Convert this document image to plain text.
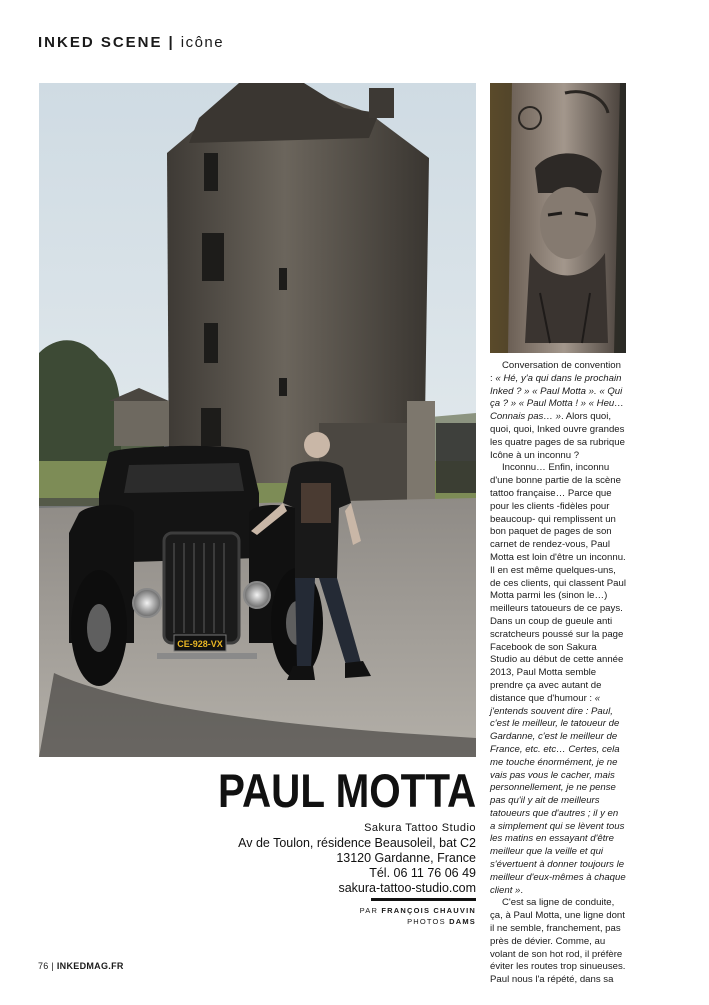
INKED SCENE | icône
CE-928-VX
PAUL MOTTA
Sakura Tattoo Studio
Av de Toulon, résidence Beausoleil, bat C2
13120 Gardanne, France
Tél. 06 11 76 06 49
sakura-tattoo-studio.com
PAR FRANÇOIS CHAUVIN
PHOTOS DAMS

Conversation de convention : « Hé, y'a qui dans le prochain Inked ? » « Paul Motta ». « Qui ça ? » « Paul Motta ! » « Heu… Connais pas… ». Alors quoi, quoi, quoi, Inked ouvre grandes les quatre pages de sa rubrique Icône à un inconnu ?

Inconnu… Enfin, inconnu d'une bonne partie de la scène tattoo française… Parce que pour les clients -fidèles pour beaucoup- qui remplissent un bon paquet de pages de son carnet de rendez-vous, Paul Motta est loin d'être un inconnu. Il en est même quelques-uns, de ces clients, qui classent Paul Motta parmi les (sinon le…) meilleurs tatoueurs de ce pays. Dans un coup de gueule anti scratcheurs poussé sur la page Facebook de son Sakura Studio au début de cette année 2013, Paul Motta semble prendre ça avec autant de distance que d'humour : « j'entends souvent dire : Paul, c'est le meilleur, le tatoueur de Gardanne, c'est le meilleur de France, etc. etc… Certes, cela me touche énormément, je ne vais pas vous le cacher, mais personnellement, je ne pense pas qu'il y ait de meilleurs tatoueurs que d'autres ; il y en a simplement qui se lèvent tous les matins en essayant d'être meilleur que la veille et qui s'évertuent à donner toujours le meilleur d'eux-mêmes à chaque client ».

C'est sa ligne de conduite, ça, à Paul Motta, une ligne dont il ne semble, franchement, pas près de dévier. Comme, au volant de son hot rod, il préfère éviter les routes trop sinueuses. Paul nous l'a répété, dans sa

76 | INKEDMAG.FR
